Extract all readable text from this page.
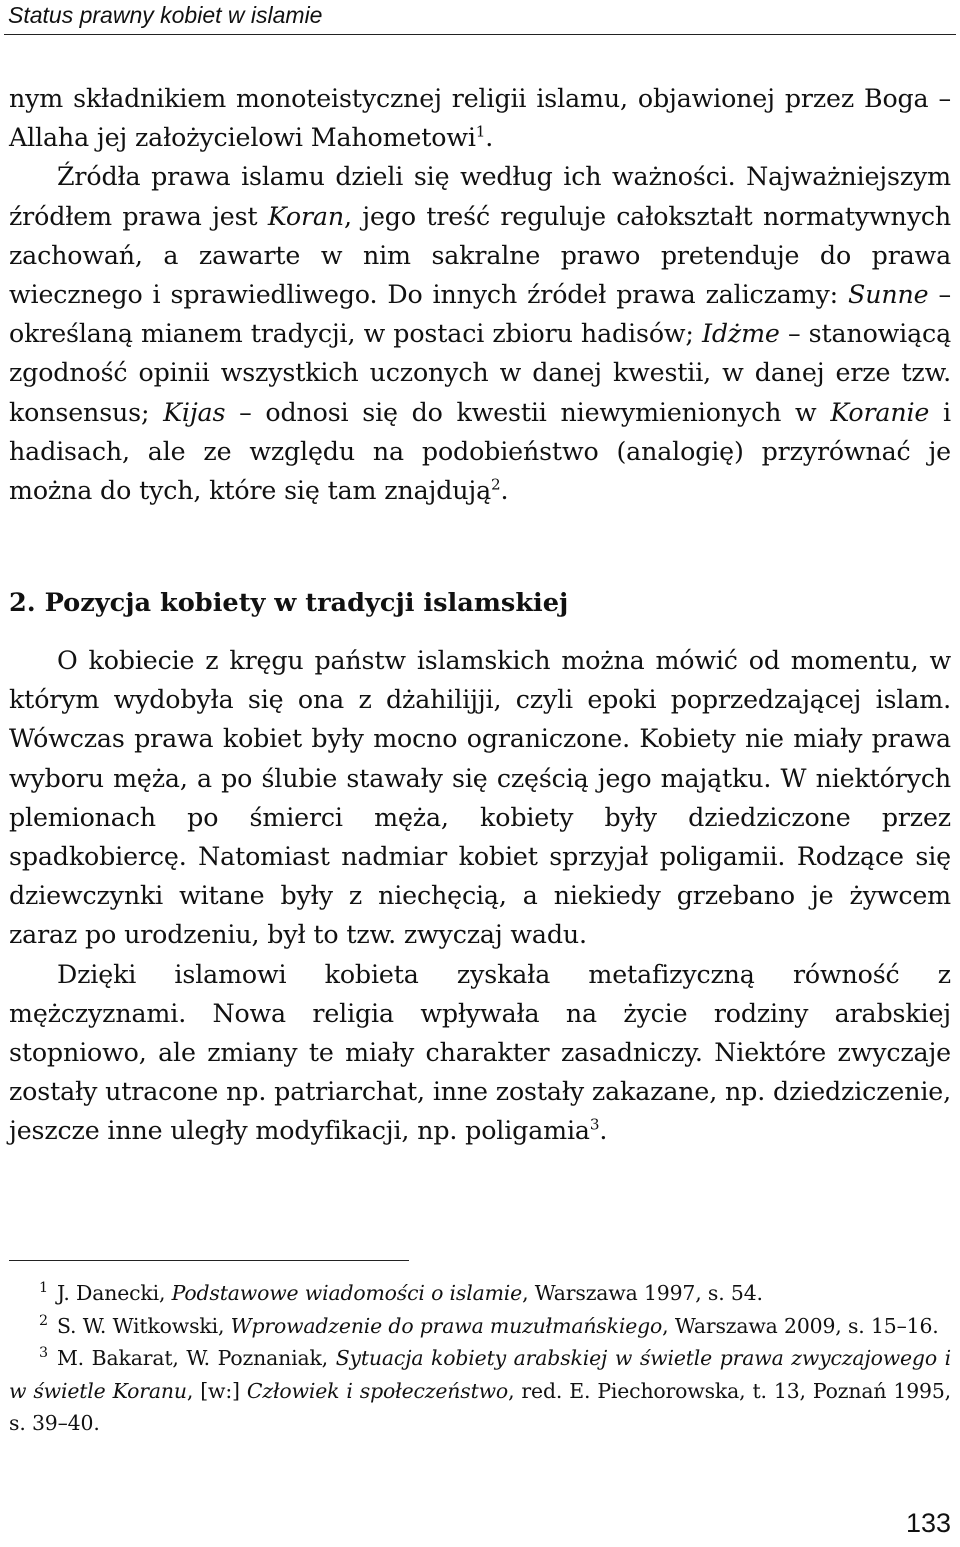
Status prawny kobiet w islamie

nym składnikiem monoteistycznej religii islamu, objawionej przez Boga – Allaha jej założycielowi Mahometowi$^1$.

Źródła prawa islamu dzieli się według ich ważności. Najważniejszym źródłem prawa jest Koran, jego treść reguluje całokształt normatywnych zachowań, a zawarte w nim sakralne prawo pretenduje do prawa wiecznego i sprawiedliwego. Do innych źródeł prawa zaliczamy: Sunne – określaną mianem tradycji, w postaci zbioru hadisów; Idżme – stanowiącą zgodność opinii wszystkich uczonych w danej kwestii, w danej erze tzw. konsensus; Kijas – odnosi się do kwestii niewymienionych w Koranie i hadisach, ale ze względu na podobieństwo (analogię) przyrównać je można do tych, które się tam znajdują$^2$.

2. Pozycja kobiety w tradycji islamskiej

O kobiecie z kręgu państw islamskich można mówić od momentu, w którym wydobyła się ona z dżahilijji, czyli epoki poprzedzającej islam. Wówczas prawa kobiet były mocno ograniczone. Kobiety nie miały prawa wyboru męża, a po ślubie stawały się częścią jego majątku. W niektórych plemionach po śmierci męża, kobiety były dziedziczone przez spadkobiercę. Natomiast nadmiar kobiet sprzyjał poligamii. Rodzące się dziewczynki witane były z niechęcią, a niekiedy grzebano je żywcem zaraz po urodzeniu, był to tzw. zwyczaj wadu.

Dzięki islamowi kobieta zyskała metafizyczną równość z mężczyznami. Nowa religia wpływała na życie rodziny arabskiej stopniowo, ale zmiany te miały charakter zasadniczy. Niektóre zwyczaje zostały utracone np. patriarchat, inne zostały zakazane, np. dziedziczenie, jeszcze inne uległy modyfikacji, np. poligamia$^3$.

$^1$ J. Danecki, Podstawowe wiadomości o islamie, Warszawa 1997, s. 54.

$^2$ S. W. Witkowski, Wprowadzenie do prawa muzułmańskiego, Warszawa 2009, s. 15–16.

$^3$ M. Bakarat, W. Poznaniak, Sytuacja kobiety arabskiej w świetle prawa zwyczajowego i w świetle Koranu, [w:] Człowiek i społeczeństwo, red. E. Piechorowska, t. 13, Poznań 1995, s. 39–40.

133
